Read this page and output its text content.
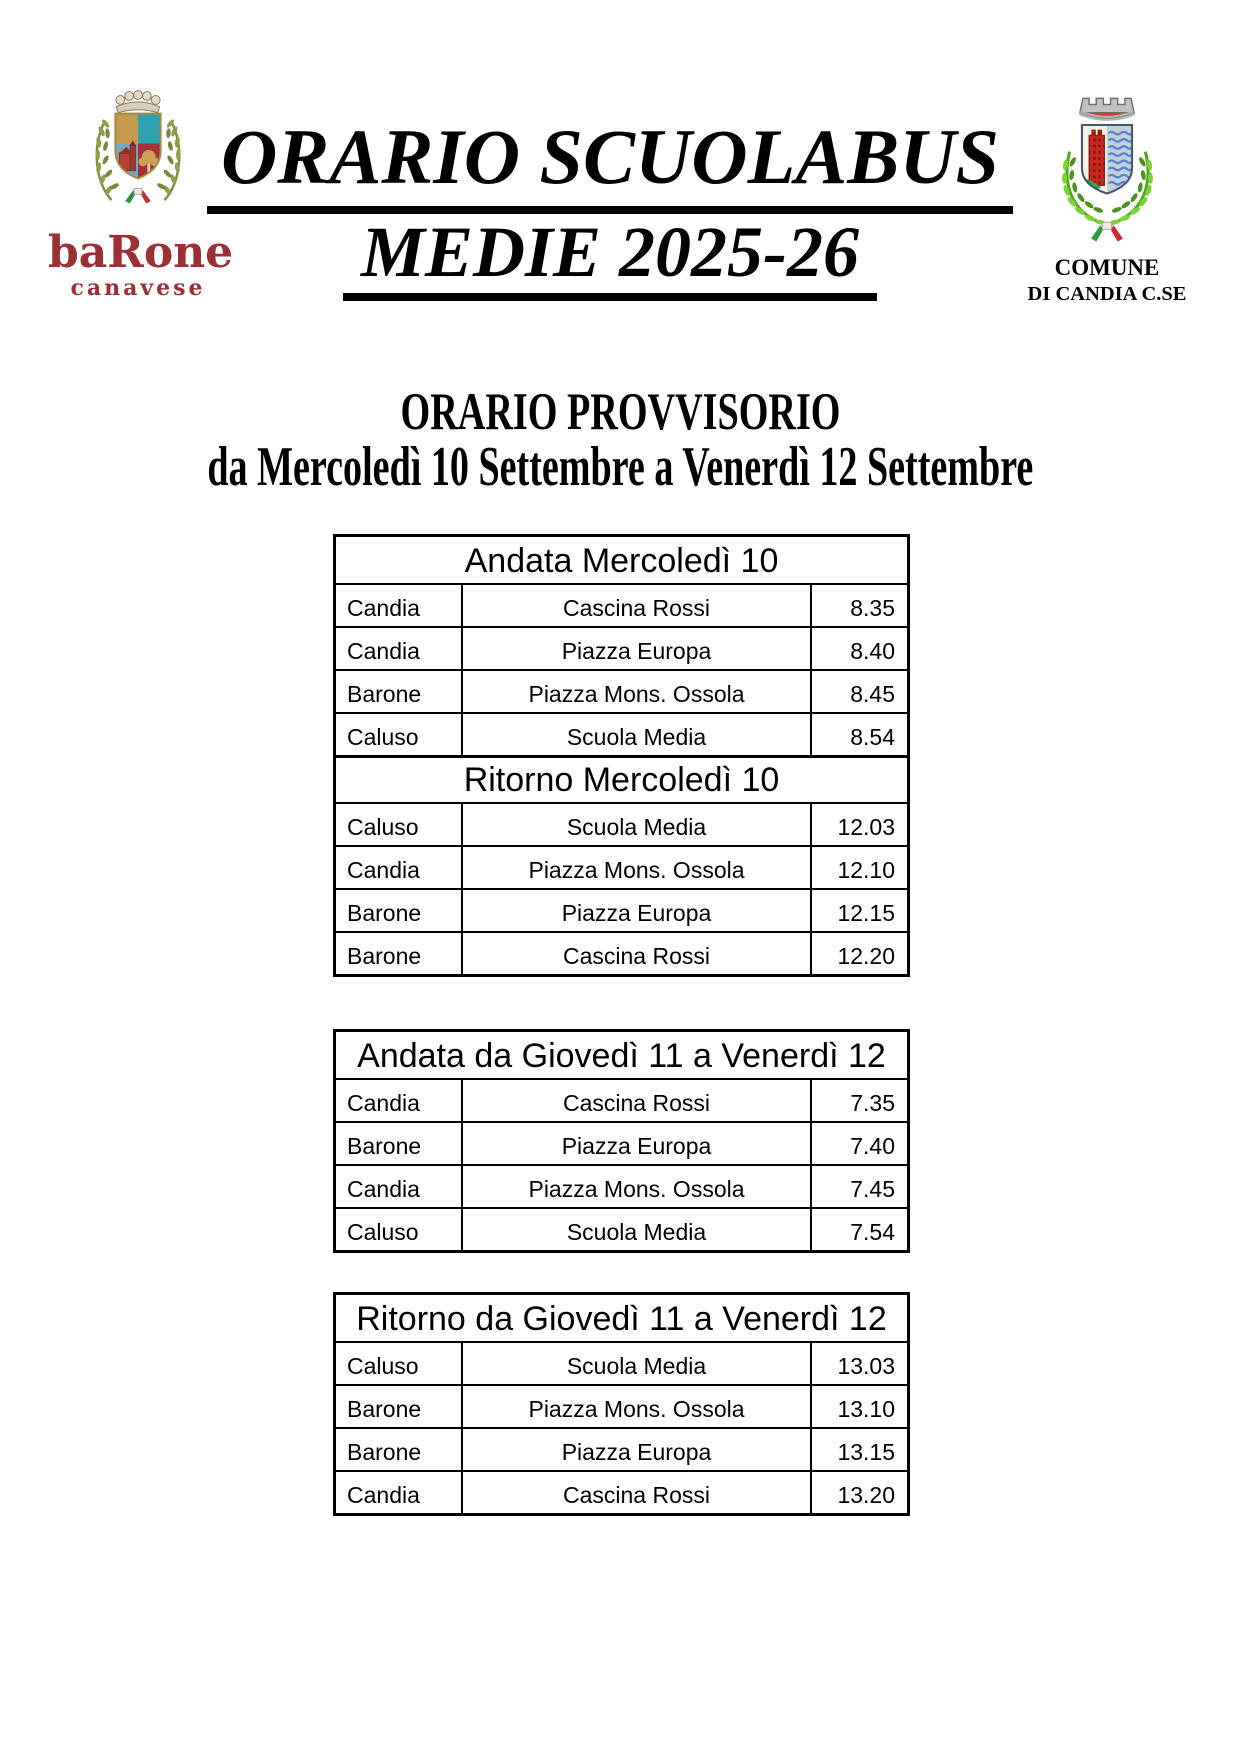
baRone
canavese
ORARIO SCUOLABUS
MEDIE 2025-26	COMUNE
DI CANDIA C.SE
ORARIO PROVVISORIO
da Mercoledì 10 Settembre a Venerdì 12 Settembre
Andata Mercoledì 10
Candia	Cascina Rossi	8.35
Candia	Piazza Europa	8.40
Barone	Piazza Mons. Ossola	8.45
Caluso	Scuola Media	8.54
Ritorno Mercoledì 10
Caluso	Scuola Media	12.03
Candia	Piazza Mons. Ossola	12.10
Barone	Piazza Europa	12.15
Barone	Cascina Rossi	12.20
Andata da Giovedì 11 a Venerdì 12
Candia	Cascina Rossi	7.35
Barone	Piazza Europa	7.40
Candia	Piazza Mons. Ossola	7.45
Caluso	Scuola Media	7.54
Ritorno da Giovedì 11 a Venerdì 12
Caluso	Scuola Media	13.03
Barone	Piazza Mons. Ossola	13.10
Barone	Piazza Europa	13.15
Candia	Cascina Rossi	13.20
